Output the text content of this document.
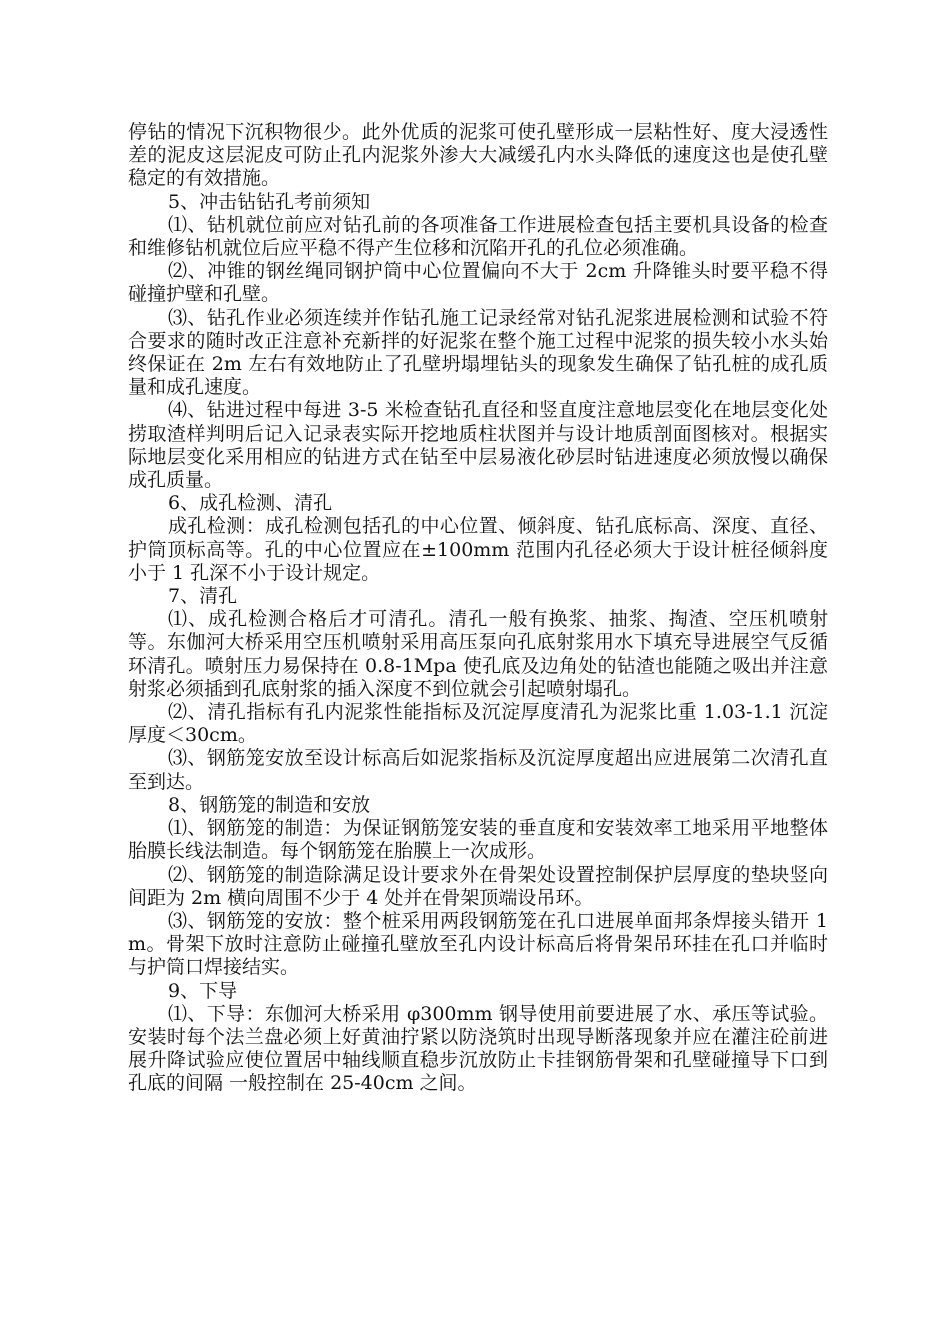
停钻的情况下沉积物很少。此外优质的泥浆可使孔壁形成一层粘性好、度大浸透性差的泥皮这层泥皮可防止孔内泥浆外渗大大减缓孔内水头降低的速度这也是使孔壁稳定的有效措施。

5、冲击钻钻孔考前须知

⑴、钻机就位前应对钻孔前的各项准备工作进展检查包括主要机具设备的检查和维修钻机就位后应平稳不得产生位移和沉陷开孔的孔位必须准确。

⑵、冲锥的钢丝绳同钢护筒中心位置偏向不大于 2cm 升降锥头时要平稳不得碰撞护壁和孔壁。

⑶、钻孔作业必须连续并作钻孔施工记录经常对钻孔泥浆进展检测和试验不符合要求的随时改正注意补充新拌的好泥浆在整个施工过程中泥浆的损失较小水头始终保证在 2m 左右有效地防止了孔壁坍塌埋钻头的现象发生确保了钻孔桩的成孔质量和成孔速度。

⑷、钻进过程中每进 3-5 米检查钻孔直径和竖直度注意地层变化在地层变化处捞取渣样判明后记入记录表实际开挖地质柱状图并与设计地质剖面图核对。根据实际地层变化采用相应的钻进方式在钻至中层易液化砂层时钻进速度必须放慢以确保成孔质量。

6、成孔检测、清孔

成孔检测：成孔检测包括孔的中心位置、倾斜度、钻孔底标高、深度、直径、护筒顶标高等。孔的中心位置应在±100mm 范围内孔径必须大于设计桩径倾斜度小于 1 孔深不小于设计规定。

7、清孔

⑴、成孔检测合格后才可清孔。清孔一般有换浆、抽浆、掏渣、空压机喷射等。东伽河大桥采用空压机喷射采用高压泵向孔底射浆用水下填充导进展空气反循环清孔。喷射压力易保持在 0.8-1Mpa 使孔底及边角处的钻渣也能随之吸出并注意射浆必须插到孔底射浆的插入深度不到位就会引起喷射塌孔。

⑵、清孔指标有孔内泥浆性能指标及沉淀厚度清孔为泥浆比重 1.03-1.1 沉淀厚度＜30cm。

⑶、钢筋笼安放至设计标高后如泥浆指标及沉淀厚度超出应进展第二次清孔直至到达。

8、钢筋笼的制造和安放

⑴、钢筋笼的制造：为保证钢筋笼安装的垂直度和安装效率工地采用平地整体胎膜长线法制造。每个钢筋笼在胎膜上一次成形。

⑵、钢筋笼的制造除满足设计要求外在骨架处设置控制保护层厚度的垫块竖向间距为 2m 横向周围不少于 4 处并在骨架顶端设吊环。

⑶、钢筋笼的安放：整个桩采用两段钢筋笼在孔口进展单面邦条焊接头错开 1m。骨架下放时注意防止碰撞孔壁放至孔内设计标高后将骨架吊环挂在孔口并临时与护筒口焊接结实。

9、下导

⑴、下导：东伽河大桥采用 φ300mm 钢导使用前要进展了水、承压等试验。安装时每个法兰盘必须上好黄油拧紧以防浇筑时出现导断落现象并应在灌注砼前进展升降试验应使位置居中轴线顺直稳步沉放防止卡挂钢筋骨架和孔壁碰撞导下口到孔底的间隔 一般控制在 25-40cm 之间。
